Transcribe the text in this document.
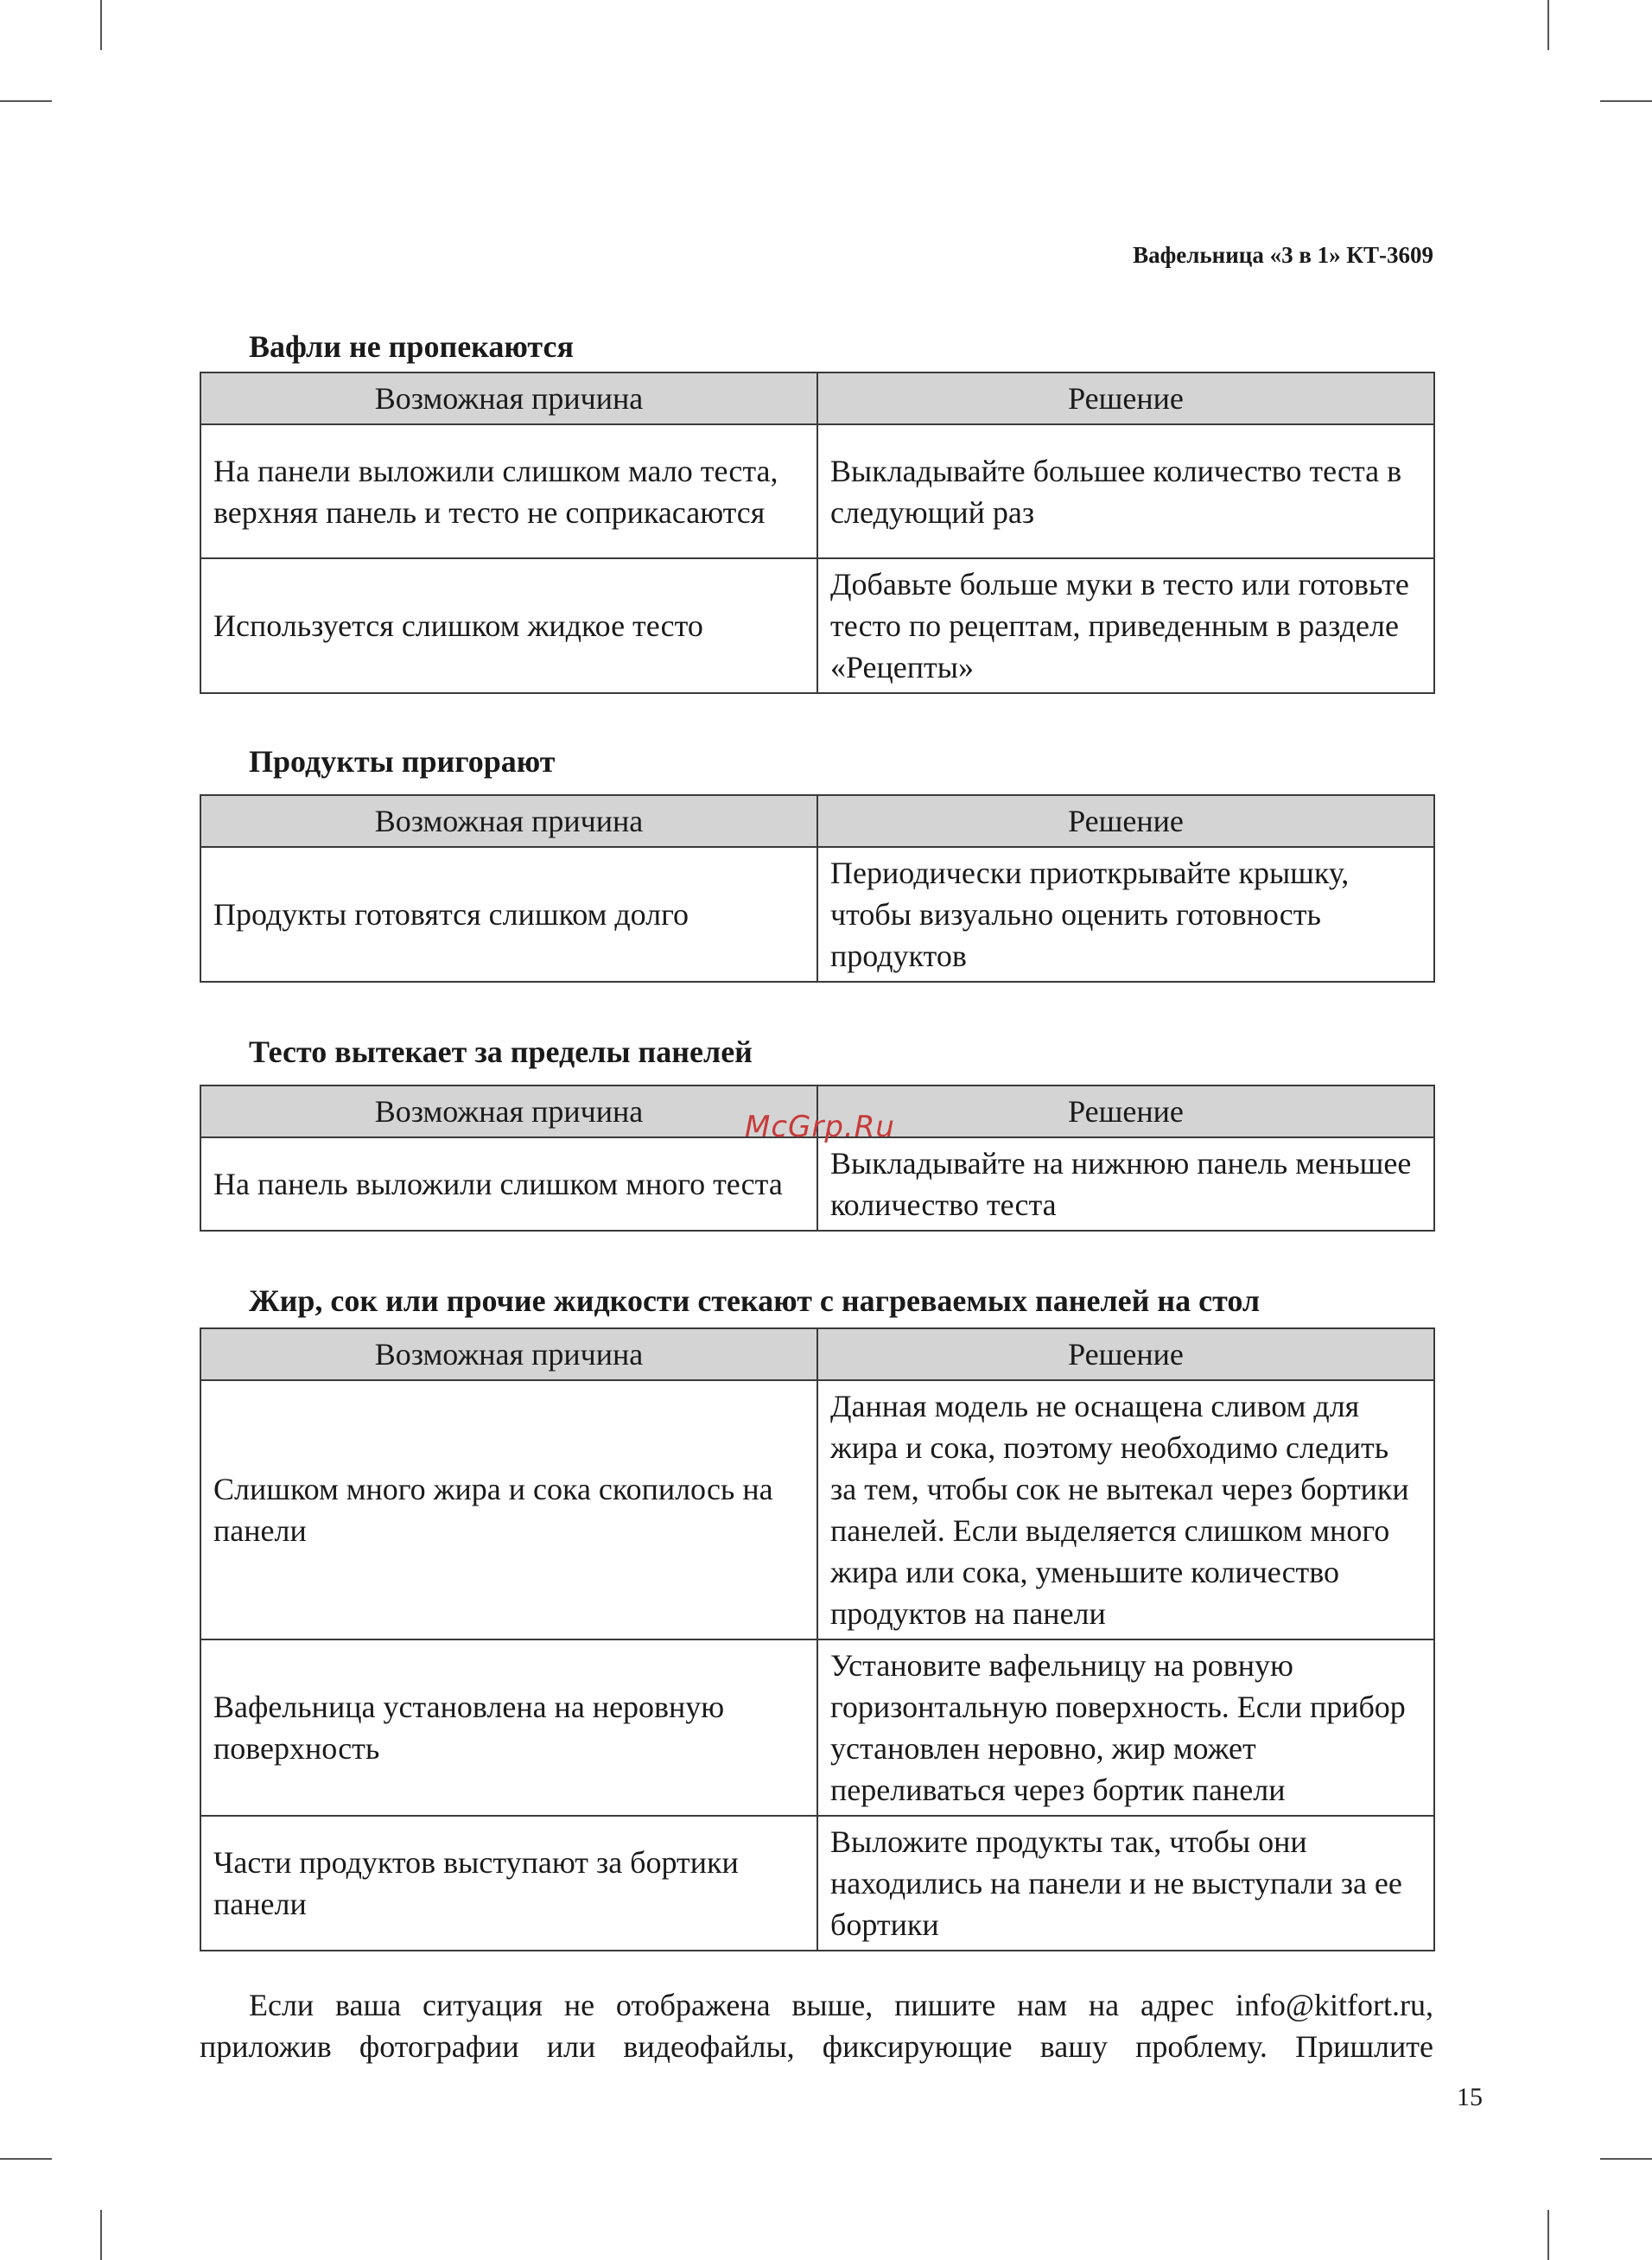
Вафельница «3 в 1» КТ-3609
Вафли не пропекаются
Возможная причина	Решение
На панели выложили слишком мало теста, верхняя панель и тесто не соприкасаются	Выкладывайте большее количество теста в следующий раз
Используется слишком жидкое тесто	Добавьте больше муки в тесто или готовьте тесто по рецептам, приведенным в разделе «Рецепты»
Продукты пригорают
Возможная причина	Решение
Продукты готовятся слишком долго	Периодически приоткрывайте крышку, чтобы визуально оценить готовность продуктов
Тесто вытекает за пределы панелей
Возможная причина	Решение
На панель выложили слишком много теста	Выкладывайте на нижнюю панель меньшее количество теста
McGrp.Ru
Жир, сок или прочие жидкости стекают с нагреваемых панелей на стол
Возможная причина	Решение
Слишком много жира и сока скопилось на панели	Данная модель не оснащена сливом для жира и сока, поэтому необходимо следить за тем, чтобы сок не вытекал через бортики панелей. Если выделяется слишком много жира или сока, уменьшите количество продуктов на панели
Вафельница установлена на неровную поверхность	Установите вафельницу на ровную горизонтальную поверхность. Если прибор установлен неровно, жир может переливаться через бортик панели
Части продуктов выступают за бортики панели	Выложите продукты так, чтобы они находились на панели и не выступали за ее бортики
Если ваша ситуация не отображена выше, пишите нам на адрес info@kitfort.ru,
приложив фотографии или видеофайлы, фиксирующие вашу проблему. Пришлите
15
